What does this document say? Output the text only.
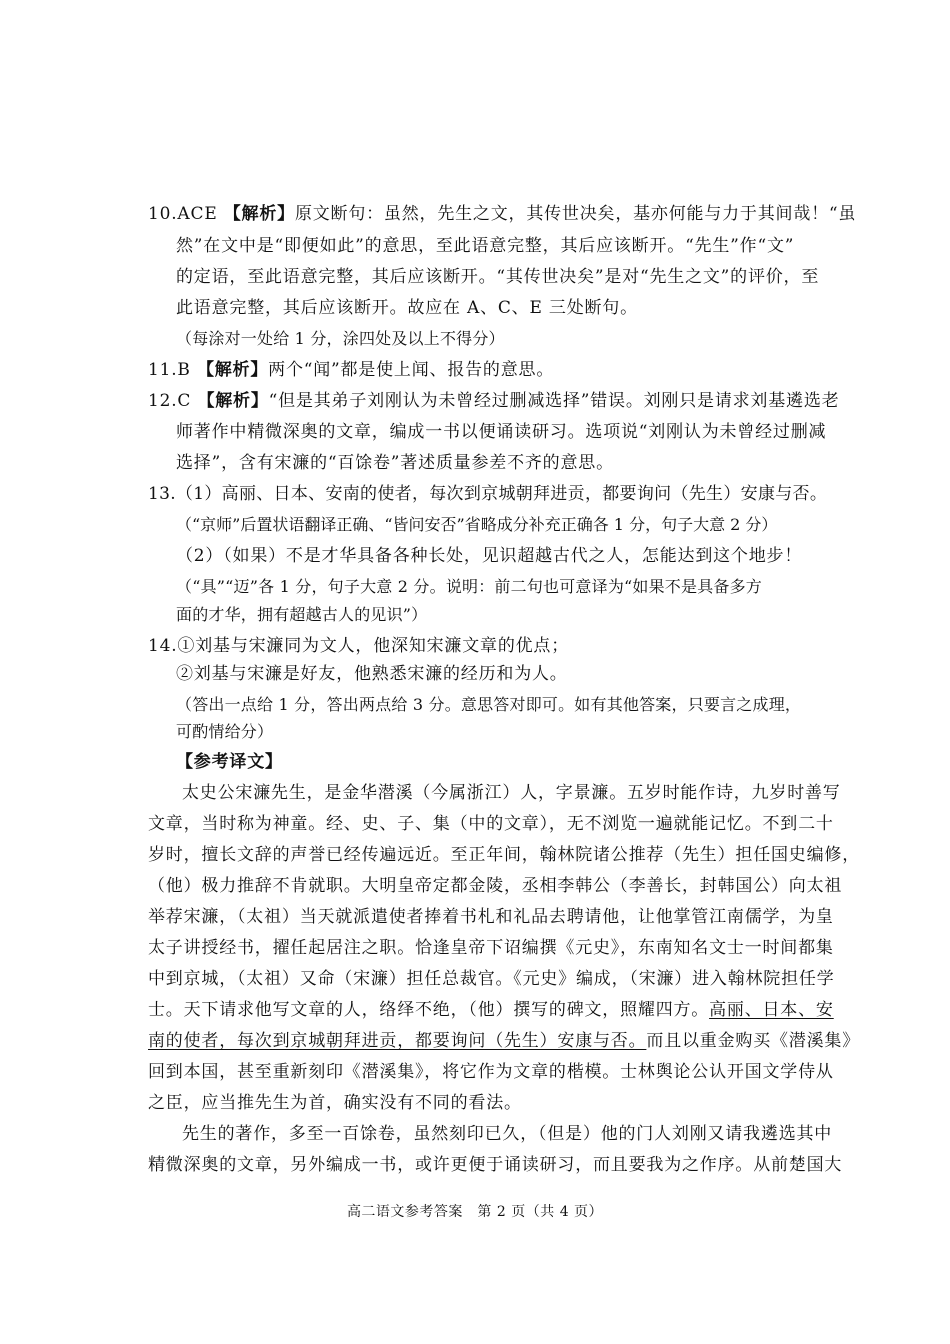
10.ACE 【解析】原文断句：虽然，先生之文，其传世决矣，基亦何能与力于其间哉！“虽
然”在文中是“即便如此”的意思，至此语意完整，其后应该断开。“先生”作“文”
的定语，至此语意完整，其后应该断开。“其传世决矣”是对“先生之文”的评价，至
此语意完整，其后应该断开。故应在 A、C、E 三处断句。
（每涂对一处给 1 分，涂四处及以上不得分）
11.B 【解析】两个“闻”都是使上闻、报告的意思。
12.C 【解析】“但是其弟子刘刚认为未曾经过删减选择”错误。刘刚只是请求刘基遴选老
师著作中精微深奥的文章，编成一书以便诵读研习。选项说“刘刚认为未曾经过删减
选择”，含有宋濂的“百馀卷”著述质量参差不齐的意思。
13.（1）高丽、日本、安南的使者，每次到京城朝拜进贡，都要询问（先生）安康与否。
（“京师”后置状语翻译正确、“皆问安否”省略成分补充正确各 1 分，句子大意 2 分）
（2）（如果）不是才华具备各种长处，见识超越古代之人，怎能达到这个地步！
（“具”“迈”各 1 分，句子大意 2 分。说明：前二句也可意译为“如果不是具备多方
面的才华，拥有超越古人的见识”）
14.①刘基与宋濂同为文人，他深知宋濂文章的优点；
②刘基与宋濂是好友，他熟悉宋濂的经历和为人。
（答出一点给 1 分，答出两点给 3 分。意思答对即可。如有其他答案，只要言之成理，
可酌情给分）
【参考译文】
太史公宋濂先生，是金华潜溪（今属浙江）人，字景濂。五岁时能作诗，九岁时善写
文章，当时称为神童。经、史、子、集（中的文章），无不浏览一遍就能记忆。不到二十
岁时，擅长文辞的声誉已经传遍远近。至正年间，翰林院诸公推荐（先生）担任国史编修，
（他）极力推辞不肯就职。大明皇帝定都金陵，丞相李韩公（李善长，封韩国公）向太祖
举荐宋濂，（太祖）当天就派遣使者捧着书札和礼品去聘请他，让他掌管江南儒学，为皇
太子讲授经书，擢任起居注之职。恰逢皇帝下诏编撰《元史》，东南知名文士一时间都集
中到京城，（太祖）又命（宋濂）担任总裁官。《元史》编成，（宋濂）进入翰林院担任学
士。天下请求他写文章的人，络绎不绝，（他）撰写的碑文，照耀四方。高丽、日本、安
南的使者，每次到京城朝拜进贡，都要询问（先生）安康与否。而且以重金购买《潜溪集》
回到本国，甚至重新刻印《潜溪集》，将它作为文章的楷模。士林舆论公认开国文学侍从
之臣，应当推先生为首，确实没有不同的看法。
先生的著作，多至一百馀卷，虽然刻印已久，（但是）他的门人刘刚又请我遴选其中
精微深奥的文章，另外编成一书，或许更便于诵读研习，而且要我为之作序。从前楚国大
高二语文参考答案　第 2 页（共 4 页）
